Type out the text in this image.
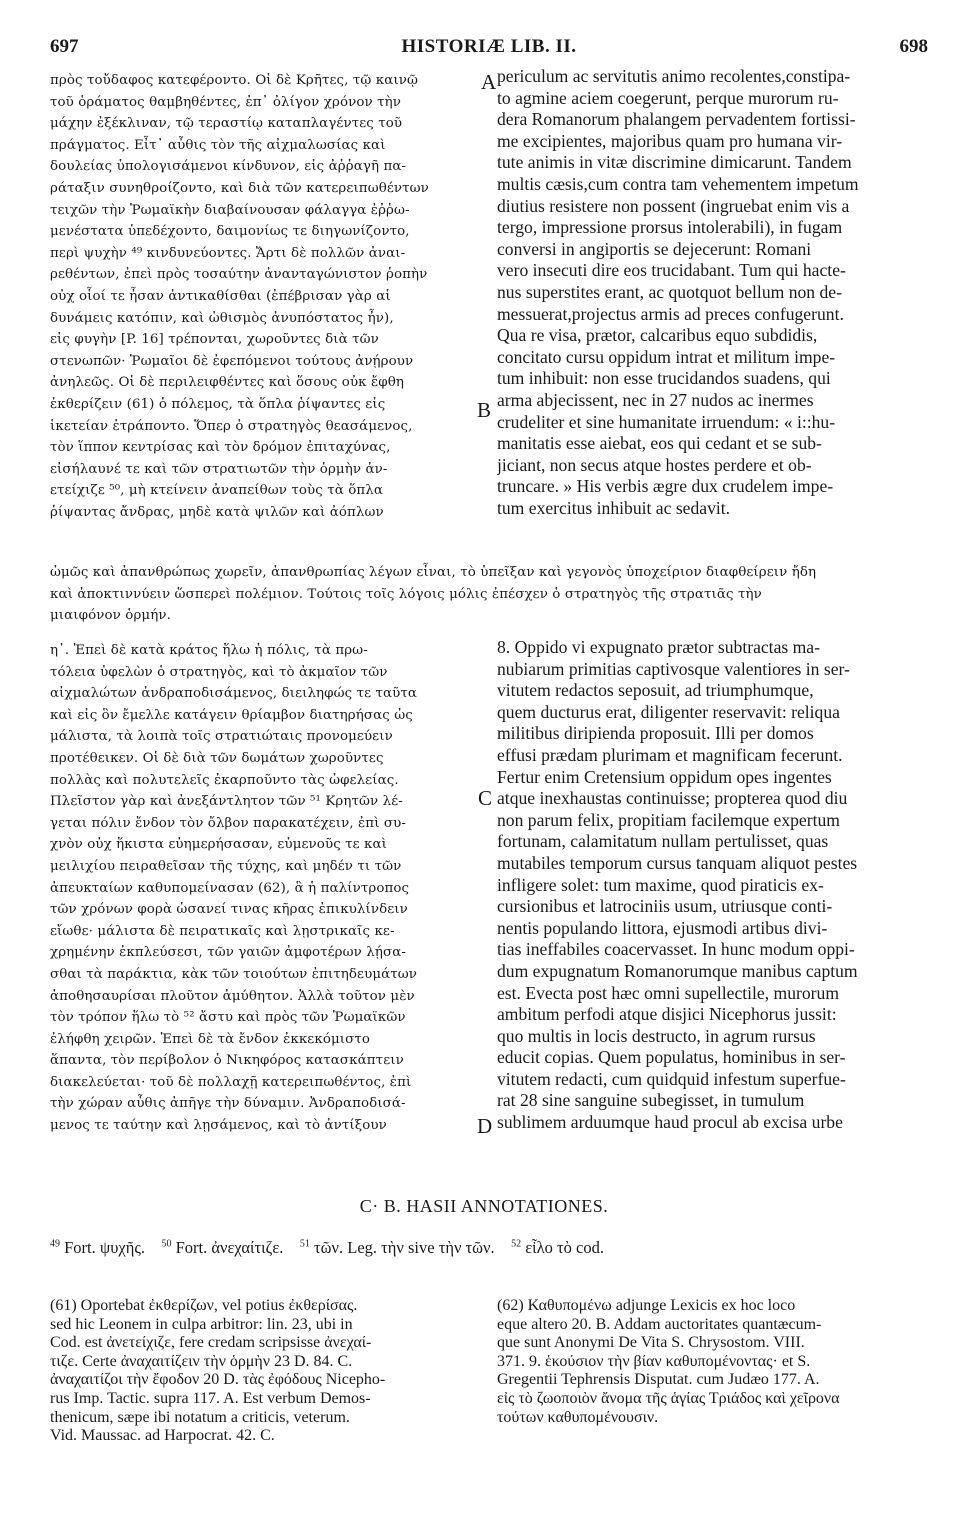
697	HISTORIÆ LIB. II.	698
πρὸς τοὔδαφος κατεφέροντο. Οἱ δὲ Κρῆτες, τῷ καινῷ
τοῦ ὁράματος θαμβηθέντες, ἐπ᾽ ὀλίγον χρόνον τὴν
μάχην ἐξέκλιναν, τῷ τεραστίῳ καταπλαγέντες τοῦ
πράγματος. Εἶτ᾽ αὖθις τὸν τῆς αἰχμαλωσίας καὶ
δουλείας ὑπολογισάμενοι κίνδυνον, εἰς ἀῤῥαγῆ πα-
ράταξιν συνηθροίζοντο, καὶ διὰ τῶν κατερειπωθέντων
τειχῶν τὴν Ῥωμαϊκὴν διαβαίνουσαν φάλαγγα ἐῤῥω-
μενέστατα ὑπεδέχοντο, δαιμονίως τε διηγωνίζοντο,
περὶ ψυχὴν ⁴⁹ κινδυνεύοντες. Ἄρτι δὲ πολλῶν ἀναι-
ρεθέντων, ἐπεὶ πρὸς τοσαύτην ἀνανταγώνιστον ῥοπὴν
οὐχ οἷοί τε ἦσαν ἀντικαθίσθαι (ἐπέβρισαν γὰρ αἱ
δυνάμεις κατόπιν, καὶ ὠθισμὸς ἀνυπόστατος ἦν),
εἰς φυγὴν [P. 16] τρέπονται, χωροῦντες διὰ τῶν
στενωπῶν· Ῥωμαῖοι δὲ ἐφεπόμενοι τούτους ἀνῄρουν
ἀνηλεῶς. Οἱ δὲ περιλειφθέντες καὶ ὅσους οὐκ ἔφθη
ἐκθερίζειν (61) ὁ πόλεμος, τὰ ὅπλα ῥίψαντες εἰς
ἱκετείαν ἐτράποντο. Ὅπερ ὁ στρατηγὸς θεασάμενος,
τὸν ἵππον κεντρίσας καὶ τὸν δρόμον ἐπιταχύνας,
εἰσήλαυνέ τε καὶ τῶν στρατιωτῶν τὴν ὁρμὴν ἀν-
ετείχιζε ⁵⁰, μὴ κτείνειν ἀναπείθων τοὺς τὰ ὅπλα
ῥίψαντας ἄνδρας, μηδὲ κατὰ ψιλῶν καὶ ἀόπλων
periculum ac servitutis animo recolentes,constipa-
to agmine aciem coegerunt, perque murorum ru-
dera Romanorum phalangem pervadentem fortissi-
me excipientes, majoribus quam pro humana vir-
tute animis in vitæ discrimine dimicarunt. Tandem
multis cæsis,cum contra tam vehementem impetum
diutius resistere non possent (ingruebat enim vis a
tergo, impressione prorsus intolerabili), in fugam
conversi in angiportis se dejecerunt: Romani
vero insecuti dire eos trucidabant. Tum qui hacte-
nus superstites erant, ac quotquot bellum non de-
messuerat,projectus armis ad preces confugerunt.
Qua re visa, prætor, calcaribus equo subdidis,
concitato cursu oppidum intrat et militum impe-
tum inhibuit: non esse trucidandos suadens, qui
arma abjecissent, nec in 27 nudos ac inermes
crudeliter et sine humanitate irruendum: « i::hu-
manitatis esse aiebat, eos qui cedant et se sub-
jiciant, non secus atque hostes perdere et ob-
truncare. » His verbis ægre dux crudelem impe-
tum exercitus inhibuit ac sedavit.
ὠμῶς καὶ ἀπανθρώπως χωρεῖν, ἀπανθρωπίας λέγων εἶναι, τὸ ὑπεῖξαν καὶ γεγονὸς ὑποχείριον διαφθείρειν ἤδη
καὶ ἀποκτιννύειν ὥσπερεὶ πολέμιον. Τούτοις τοῖς λόγοις μόλις ἐπέσχεν ὁ στρατηγὸς τῆς στρατιᾶς τὴν
μιαιφόνον ὁρμήν.
η᾽. Ἐπεὶ δὲ κατὰ κράτος ἥλω ἡ πόλις, τὰ πρω-
τόλεια ὑφελὼν ὁ στρατηγὸς, καὶ τὸ ἀκμαῖον τῶν
αἰχμαλώτων ἀνδραποδισάμενος, διειληφώς τε ταῦτα
καὶ εἰς ὃν ἔμελλε κατάγειν θρίαμβον διατηρήσας ὡς
μάλιστα, τὰ λοιπὰ τοῖς στρατιώταις προνομεύειν
προτέθεικεν. Οἱ δὲ διὰ τῶν δωμάτων χωροῦντες
πολλὰς καὶ πολυτελεῖς ἐκαρποῦντο τὰς ὠφελείας.
Πλεῖστον γὰρ καὶ ἀνεξάντλητον τῶν ⁵¹ Κρητῶν λέ-
γεται πόλιν ἔνδον τὸν ὄλβον παρακατέχειν, ἐπὶ συ-
χνὸν οὐχ ἥκιστα εὐημερήσασαν, εὐμενοῦς τε καὶ
μειλιχίου πειραθεῖσαν τῆς τύχης, καὶ μηδέν τι τῶν
ἀπευκταίων καθυπομείνασαν (62), ἃ ἡ παλίντροπος
τῶν χρόνων φορὰ ὡσανεί τινας κῆρας ἐπικυλίνδειν
εἴωθε· μάλιστα δὲ πειρατικαῖς καὶ λῃστρικαῖς κε-
χρημένην ἐκπλεύσεσι, τῶν γαιῶν ἀμφοτέρων λῄσα-
σθαι τὰ παράκτια, κὰκ τῶν τοιούτων ἐπιτηδευμάτων
ἀποθησαυρίσαι πλοῦτον ἀμύθητον. Ἀλλὰ τοῦτον μὲν
τὸν τρόπον ἥλω τὸ ⁵² ἄστυ καὶ πρὸς τῶν Ῥωμαϊκῶν
ἐλήφθη χειρῶν. Ἐπεὶ δὲ τὰ ἔνδον ἐκκεκόμιστο
ἅπαντα, τὸν περίβολον ὁ Νικηφόρος κατασκάπτειν
διακελεύεται· τοῦ δὲ πολλαχῇ κατερειπωθέντος, ἐπὶ
τὴν χώραν αὖθις ἀπῆγε τὴν δύναμιν. Ἀνδραποδισά-
μενος τε ταύτην καὶ λῃσάμενος, καὶ τὸ ἀντίξουν
8. Oppido vi expugnato prætor subtractas ma-
nubiarum primitias captivosque valentiores in ser-
vitutem redactos seposuit, ad triumphumque,
quem ducturus erat, diligenter reservavit: reliqua
militibus diripienda proposuit. Illi per domos
effusi prædam plurimam et magnificam fecerunt.
Fertur enim Cretensium oppidum opes ingentes
atque inexhaustas continuisse; propterea quod diu
non parum felix, propitiam facilemque expertum
fortunam, calamitatum nullam pertulisset, quas
mutabiles temporum cursus tanquam aliquot pestes
infligere solet: tum maxime, quod piraticis ex-
cursionibus et latrociniis usum, utriusque conti-
nentis populando littora, ejusmodi artibus divi-
tias ineffabiles coacervasset. In hunc modum oppi-
dum expugnatum Romanorumque manibus captum
est. Evecta post hæc omni supellectile, murorum
ambitum perfodi atque disjici Nicephorus jussit:
quo multis in locis destructo, in agrum rursus
educit copias. Quem populatus, hominibus in ser-
vitutem redacti, cum quidquid infestum superfue-
rat 28 sine sanguine subegisset, in tumulum
sublimem arduumque haud procul ab excisa urbe
A
B
C
D
C· B. HASII ANNOTATIONES.
$^{49}$ Fort. ψυχῆς. $^{50}$ Fort. ἀνεχαίτιζε. $^{51}$ τῶν. Leg. τὴν sive τὴν τῶν. $^{52}$ εἶλο τὸ cod.
(61) Oportebat ἐκθερίζων, vel potius ἐκθερίσας.
sed hic Leonem in culpa arbitror: lin. 23, ubi in
Cod. est ἀνετείχιζε, fere credam scripsisse ἀνεχαί-
τιζε. Certe ἀναχαιτίζειν τὴν ὁρμὴν 23 D. 84. C.
ἀναχαιτίζοι τὴν ἔφοδον 20 D. τὰς ἐφόδους Nicepho-
rus Imp. Tactic. supra 117. A. Est verbum Demos-
thenicum, sæpe ibi notatum a criticis, veterum.
Vid. Maussac. ad Harpocrat. 42. C.
(62) Καθυπομένω adjunge Lexicis ex hoc loco
eque altero 20. B. Addam auctoritates quantæcum-
que sunt Anonymi De Vita S. Chrysostom. VIII.
371. 9. ἑκούσιον τὴν βίαν καθυπομένοντας· et S.
Gregentii Tephrensis Disputat. cum Judæo 177. A.
εἰς τὸ ζωοποιὸν ἄνομα τῆς ἁγίας Τριάδος καὶ χεῖρονα
τούτων καθυπομένουσιν.
